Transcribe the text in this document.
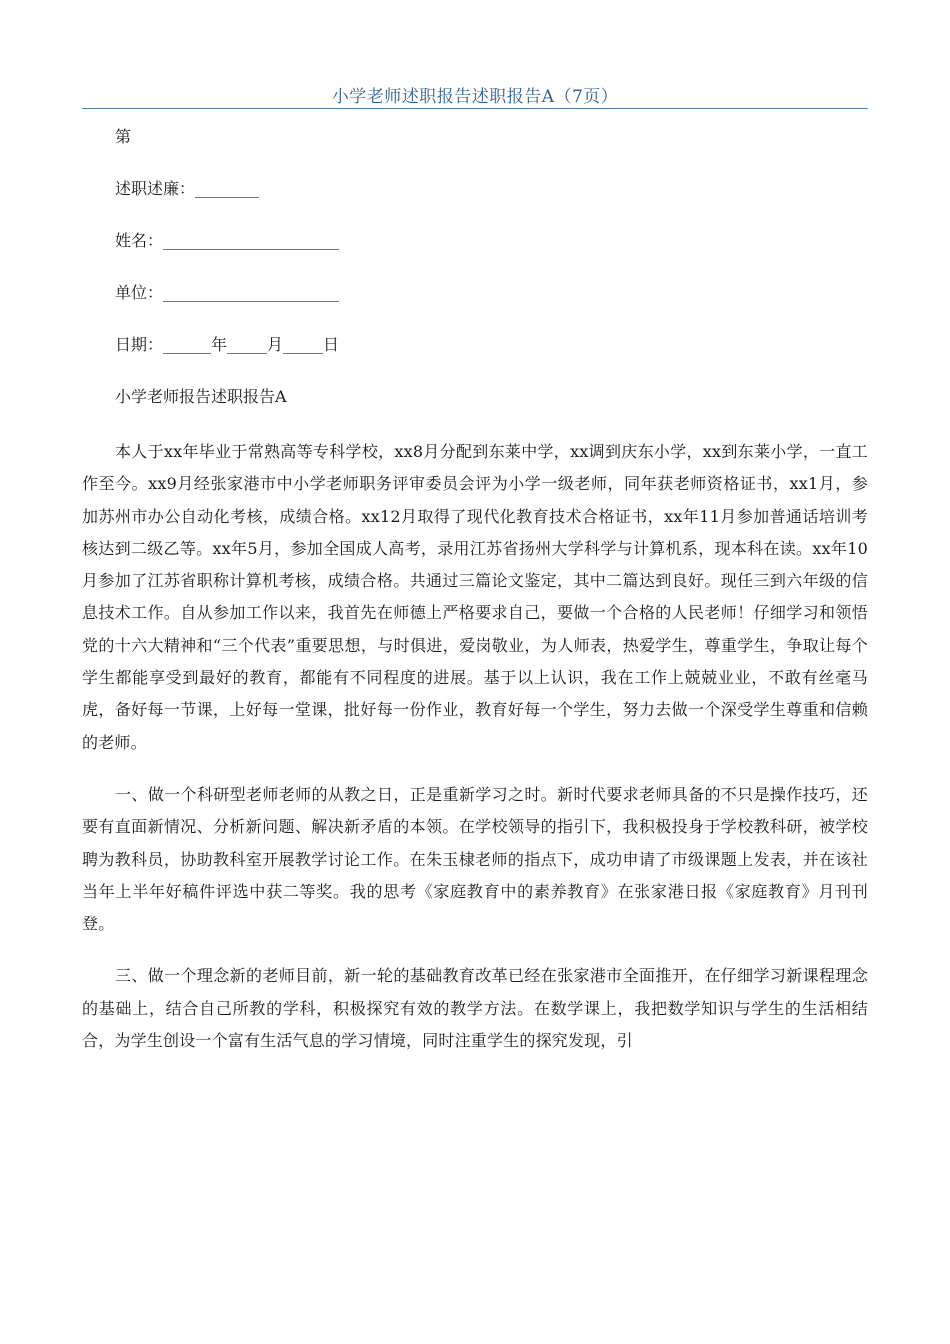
小学老师述职报告述职报告A（7页）
第
述职述廉：________
姓名：______________________
单位：______________________
日期：______年_____月_____日
小学老师报告述职报告A

本人于xx年毕业于常熟高等专科学校，xx8月分配到东莱中学，xx调到庆东小学，xx到东莱小学，一直工作至今。xx9月经张家港市中小学老师职务评审委员会评为小学一级老师，同年获老师资格证书，xx1月，参加苏州市办公自动化考核，成绩合格。xx12月取得了现代化教育技术合格证书，xx年11月参加普通话培训考核达到二级乙等。xx年5月，参加全国成人高考，录用江苏省扬州大学科学与计算机系，现本科在读。xx年10月参加了江苏省职称计算机考核，成绩合格。共通过三篇论文鉴定，其中二篇达到良好。现任三到六年级的信息技术工作。自从参加工作以来，我首先在师德上严格要求自己，要做一个合格的人民老师！仔细学习和领悟党的十六大精神和“三个代表”重要思想，与时俱进，爱岗敬业，为人师表，热爱学生，尊重学生，争取让每个学生都能享受到最好的教育，都能有不同程度的进展。基于以上认识，我在工作上兢兢业业，不敢有丝毫马虎，备好每一节课，上好每一堂课，批好每一份作业，教育好每一个学生，努力去做一个深受学生尊重和信赖的老师。

一、做一个科研型老师老师的从教之日，正是重新学习之时。新时代要求老师具备的不只是操作技巧，还要有直面新情况、分析新问题、解决新矛盾的本领。在学校领导的指引下，我积极投身于学校教科研，被学校聘为教科员，协助教科室开展教学讨论工作。在朱玉棣老师的指点下，成功申请了市级课题上发表，并在该社当年上半年好稿件评选中获二等奖。我的思考《家庭教育中的素养教育》在张家港日报《家庭教育》月刊刊登。

三、做一个理念新的老师目前，新一轮的基础教育改革已经在张家港市全面推开，在仔细学习新课程理念的基础上，结合自己所教的学科，积极探究有效的教学方法。在数学课上，我把数学知识与学生的生活相结合，为学生创设一个富有生活气息的学习情境，同时注重学生的探究发现，引
